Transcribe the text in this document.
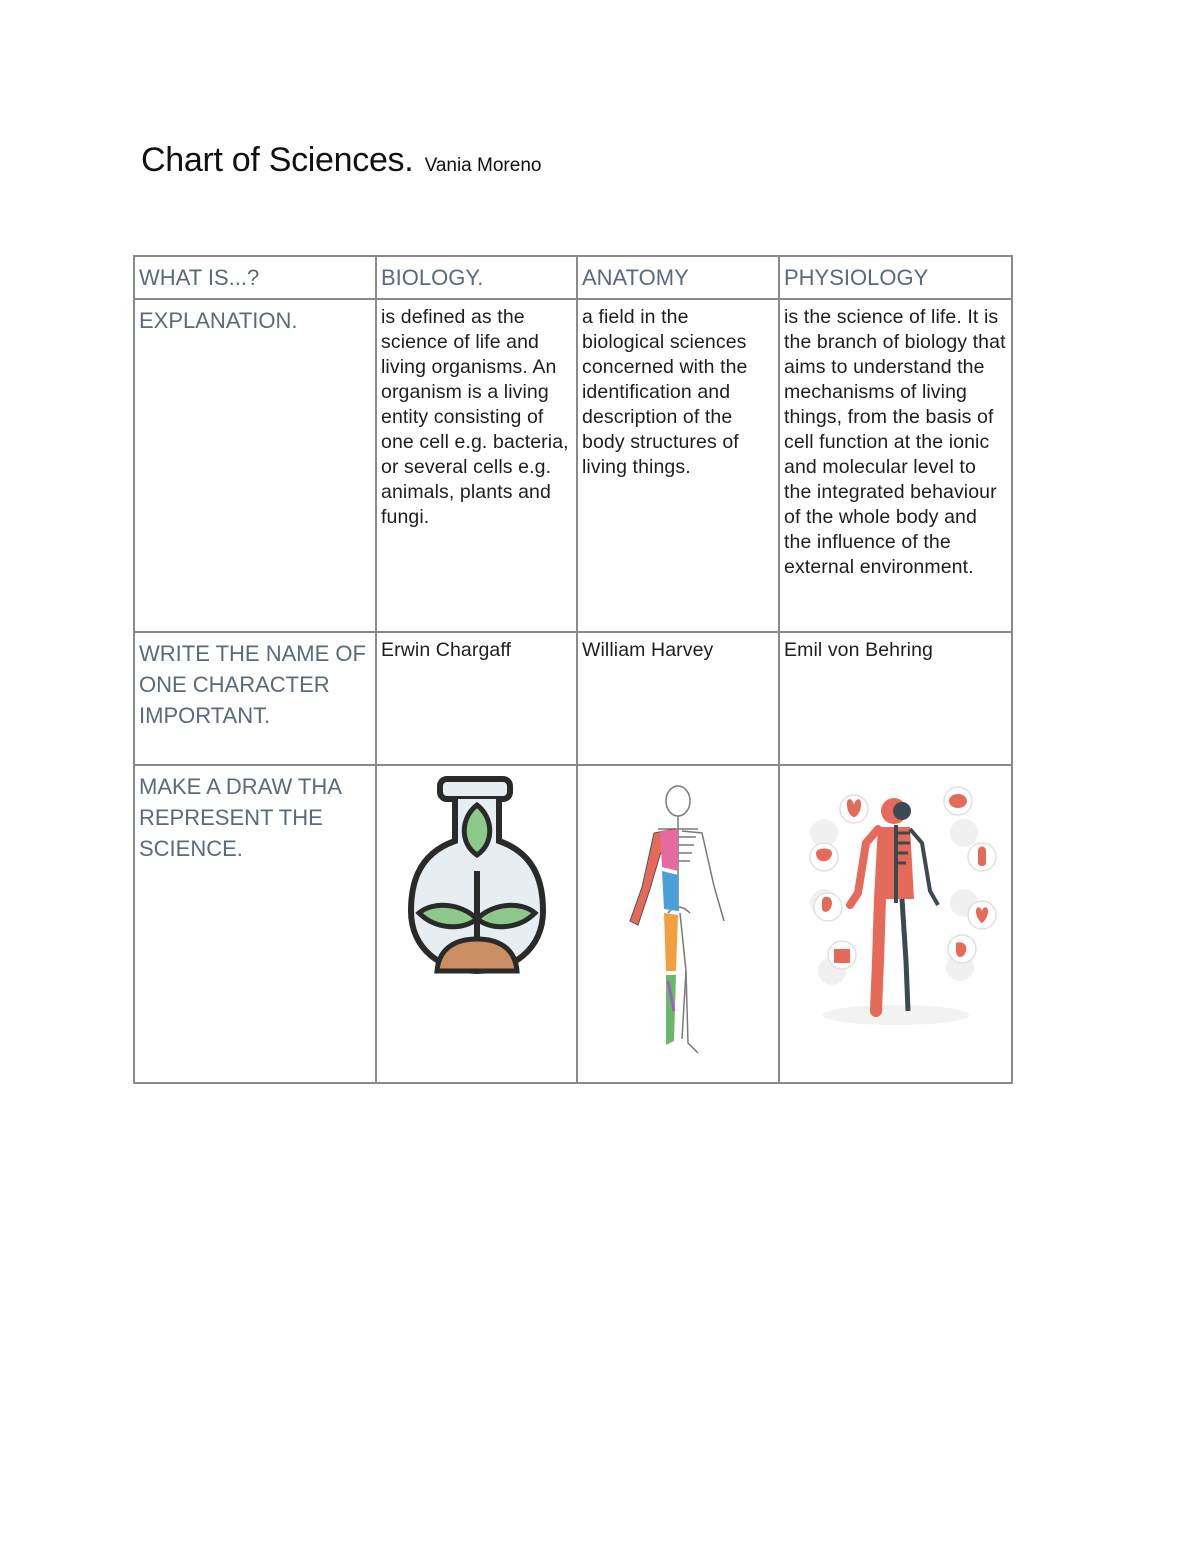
Chart of Sciences. Vania Moreno
WHAT IS...?	BIOLOGY.	ANATOMY	PHYSIOLOGY
EXPLANATION.	is defined as the science of life and living organisms. An organism is a living entity consisting of one cell e.g. bacteria, or several cells e.g. animals, plants and fungi.	a field in the biological sciences concerned with the identification and description of the body structures of living things.	is the science of life. It is the branch of biology that aims to understand the mechanisms of living things, from the basis of cell function at the ionic and molecular level to the integrated behaviour of the whole body and the influence of the external environment.
WRITE THE NAME OF ONE CHARACTER IMPORTANT.	Erwin Chargaff	William Harvey	Emil von Behring
MAKE A DRAW THA REPRESENT THE SCIENCE.	
